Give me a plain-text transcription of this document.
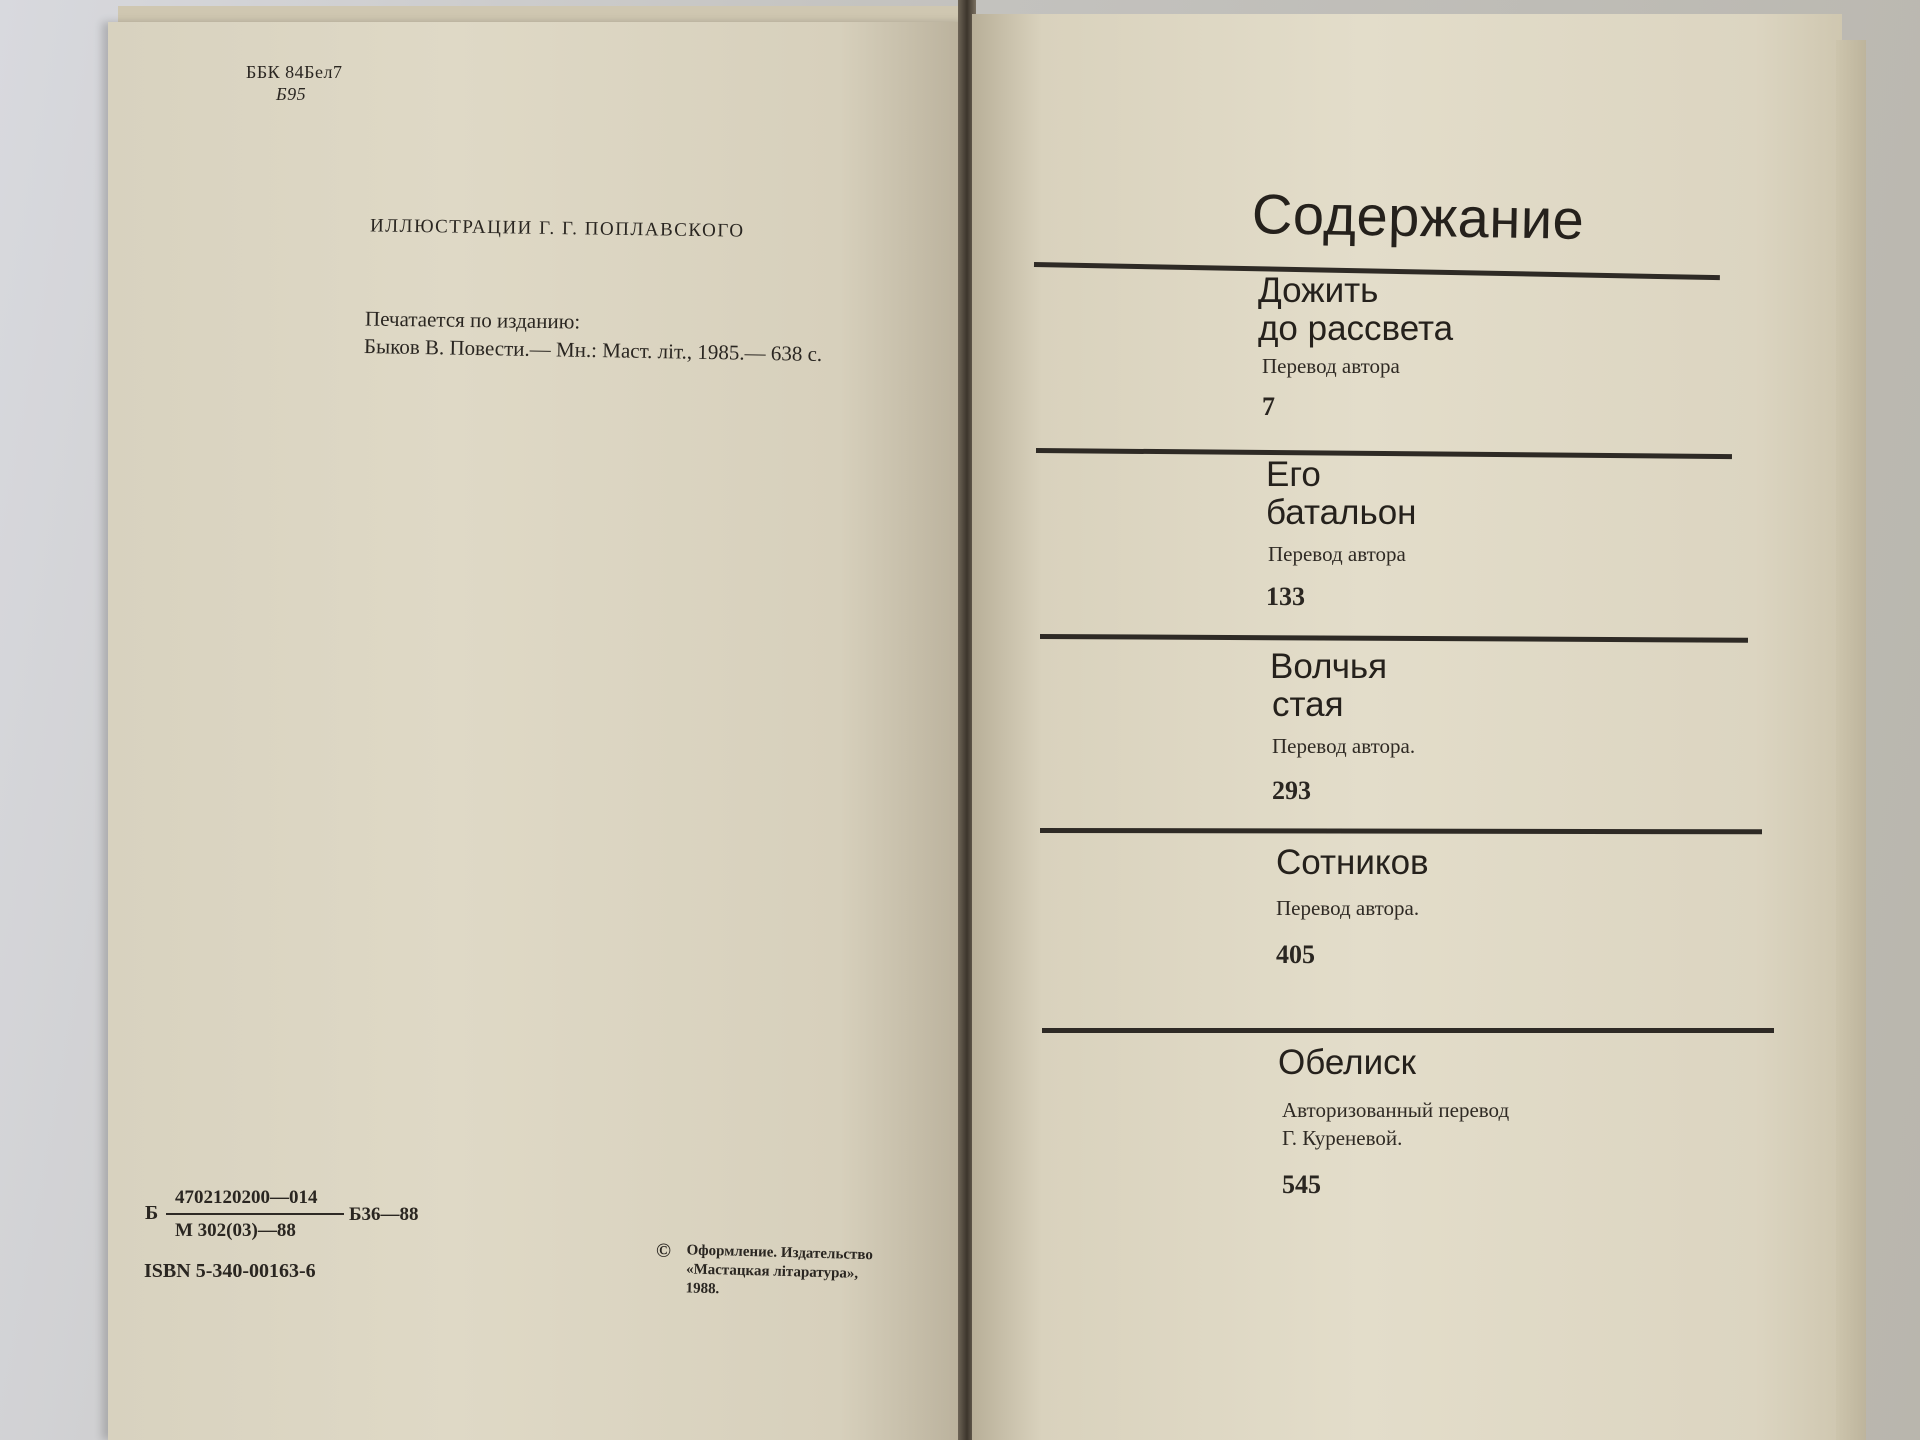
ББК 84Бел7
Б95
ИЛЛЮСТРАЦИИ Г. Г. ПОПЛАВСКОГО
Печатается по изданию:
Быков В. Повести.— Мн.: Маст. літ., 1985.— 638 с.
Б
4702120200—014
М 302(03)—88
Б36—88
ISBN 5-340-00163-6
© Оформление. Издательство «Мастацкая літаратура», 1988.
Содержание
Дожить
до рассвета
Перевод автора
7
Его
батальон
Перевод автора
133
Волчья
стая
Перевод автора.
293
Сотников
Перевод автора.
405
Обелиск
Авторизованный перевод
Г. Куреневой.
545
